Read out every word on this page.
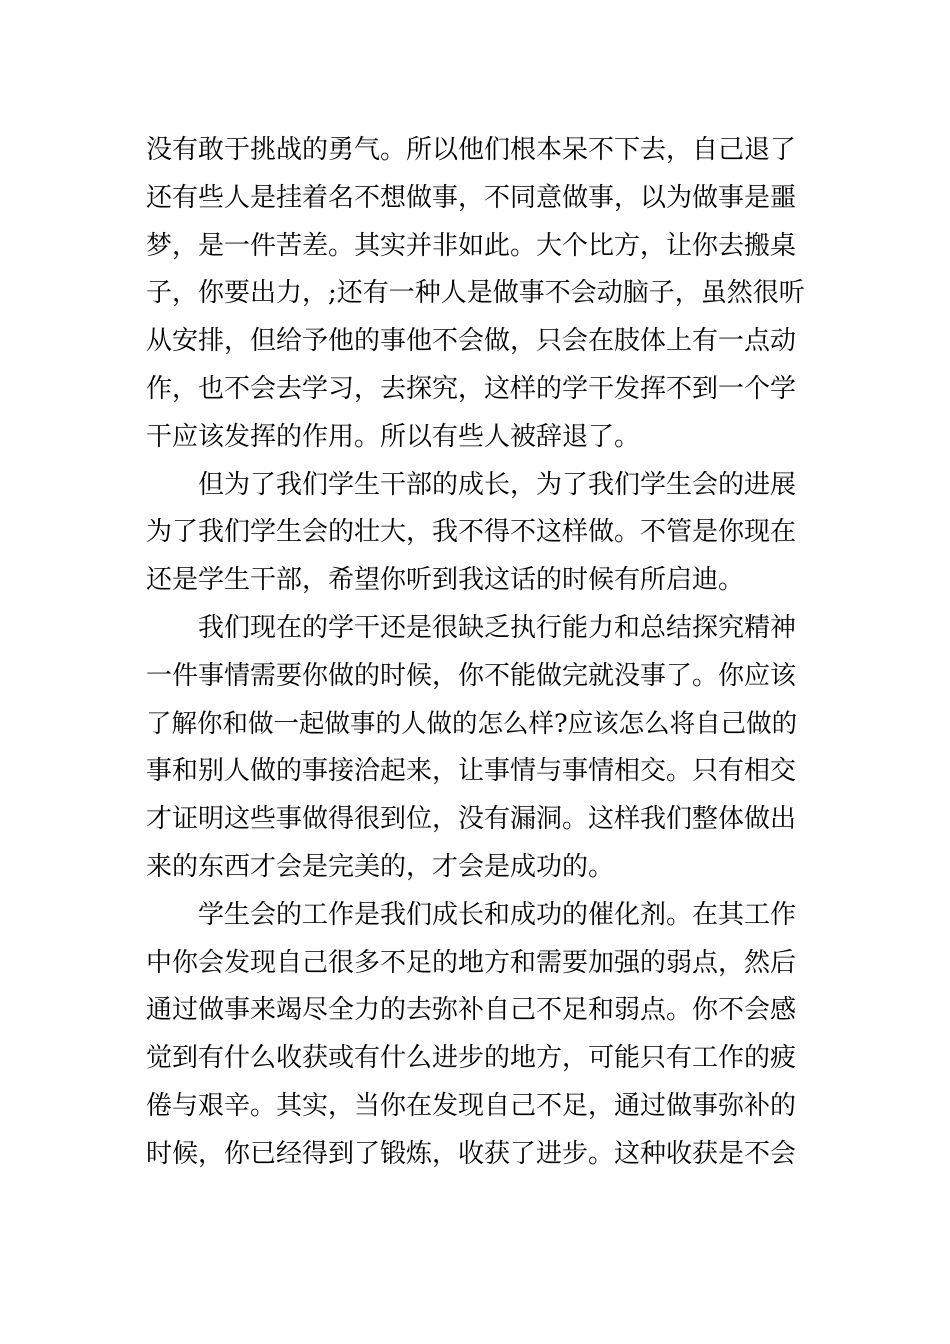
没有敢于挑战的勇气。所以他们根本呆不下去，自己退了
还有些人是挂着名不想做事，不同意做事，以为做事是噩
梦，是一件苦差。其实并非如此。大个比方，让你去搬桌
子，你要出力，;还有一种人是做事不会动脑子，虽然很听
从安排，但给予他的事他不会做，只会在肢体上有一点动
作，也不会去学习，去探究，这样的学干发挥不到一个学
干应该发挥的作用。所以有些人被辞退了。
但为了我们学生干部的成长，为了我们学生会的进展
为了我们学生会的壮大，我不得不这样做。不管是你现在
还是学生干部，希望你听到我这话的时候有所启迪。
我们现在的学干还是很缺乏执行能力和总结探究精神
一件事情需要你做的时候，你不能做完就没事了。你应该
了解你和做一起做事的人做的怎么样?应该怎么将自己做的
事和别人做的事接洽起来，让事情与事情相交。只有相交
才证明这些事做得很到位，没有漏洞。这样我们整体做出
来的东西才会是完美的，才会是成功的。
学生会的工作是我们成长和成功的催化剂。在其工作
中你会发现自己很多不足的地方和需要加强的弱点，然后
通过做事来竭尽全力的去弥补自己不足和弱点。你不会感
觉到有什么收获或有什么进步的地方，可能只有工作的疲
倦与艰辛。其实，当你在发现自己不足，通过做事弥补的
时候，你已经得到了锻炼，收获了进步。这种收获是不会
